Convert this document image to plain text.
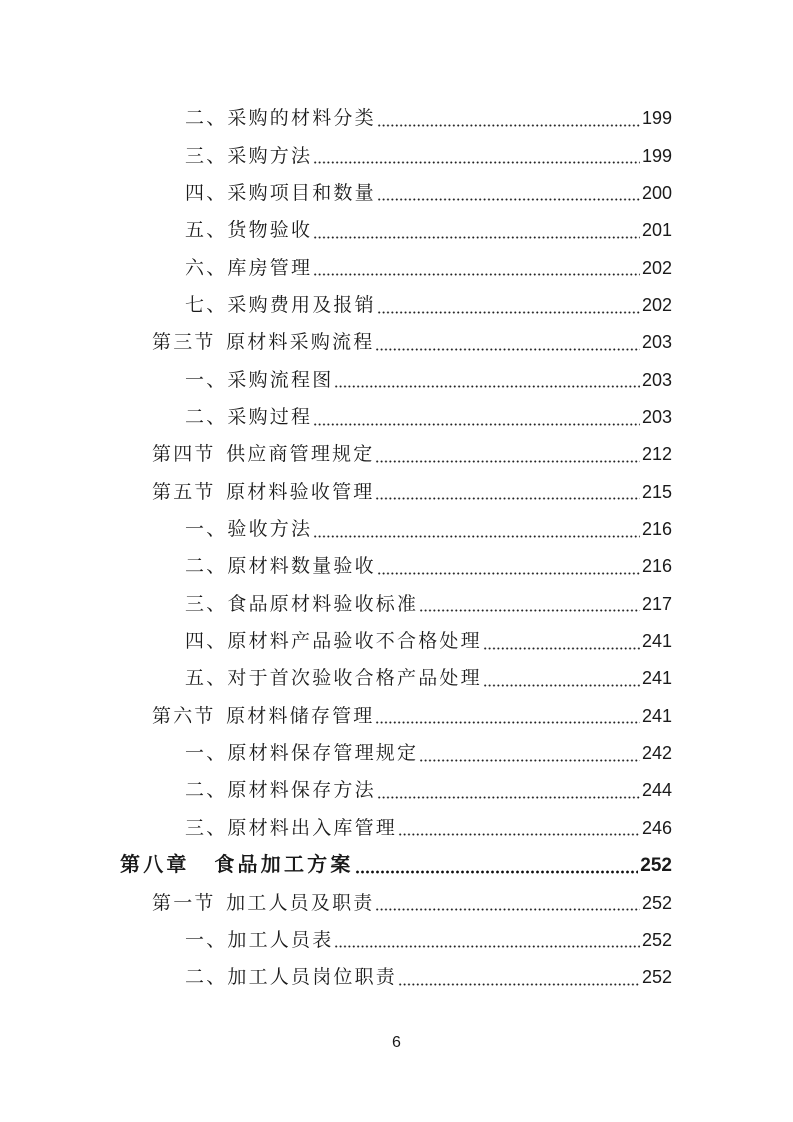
二、采购的材料分类	199
三、采购方法	199
四、采购项目和数量	200
五、货物验收	201
六、库房管理	202
七、采购费用及报销	202
第三节 原材料采购流程	203
一、采购流程图	203
二、采购过程	203
第四节 供应商管理规定	212
第五节 原材料验收管理	215
一、验收方法	216
二、原材料数量验收	216
三、食品原材料验收标准	217
四、原材料产品验收不合格处理	241
五、对于首次验收合格产品处理	241
第六节 原材料储存管理	241
一、原材料保存管理规定	242
二、原材料保存方法	244
三、原材料出入库管理	246
第八章 食品加工方案	252
第一节 加工人员及职责	252
一、加工人员表	252
二、加工人员岗位职责	252
6
